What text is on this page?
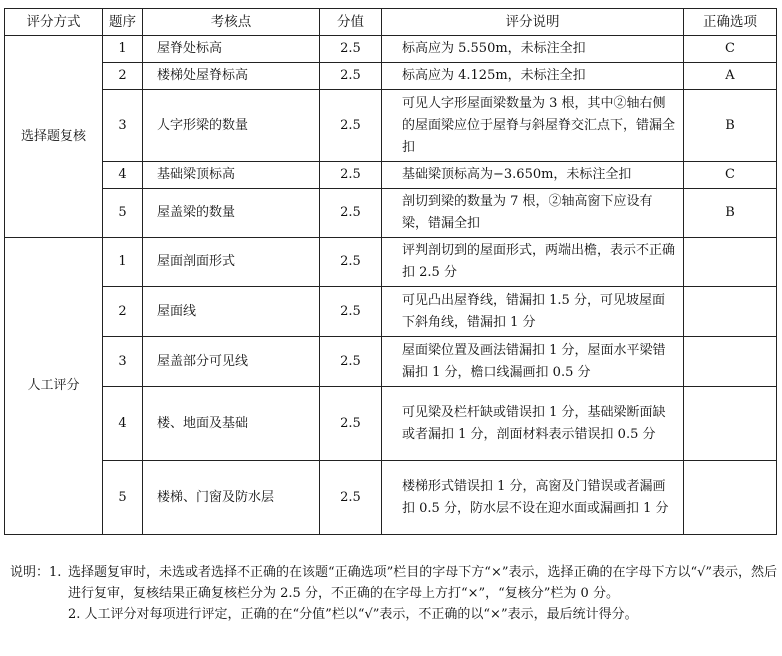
评分方式	题序	考核点	分值	评分说明	正确选项
选择题复核	1	屋脊处标高	2.5	标高应为 5.550m，未标注全扣	C
	2	楼梯处屋脊标高	2.5	标高应为 4.125m，未标注全扣	A
	3	人字形梁的数量	2.5	可见人字形屋面梁数量为 3 根，其中②轴右侧的屋面梁应位于屋脊与斜屋脊交汇点下，错漏全扣	B
	4	基础梁顶标高	2.5	基础梁顶标高为−3.650m，未标注全扣	C
	5	屋盖梁的数量	2.5	剖切到梁的数量为 7 根，②轴高窗下应设有梁，错漏全扣	B
人工评分	1	屋面剖面形式	2.5	评判剖切到的屋面形式，两端出檐，表示不正确扣 2.5 分	
	2	屋面线	2.5	可见凸出屋脊线，错漏扣 1.5 分，可见坡屋面下斜角线，错漏扣 1 分	
	3	屋盖部分可见线	2.5	屋面梁位置及画法错漏扣 1 分，屋面水平梁错漏扣 1 分，檐口线漏画扣 0.5 分	
	4	楼、地面及基础	2.5	可见梁及栏杆缺或错误扣 1 分，基础梁断面缺或者漏扣 1 分，剖面材料表示错误扣 0.5 分	
	5	楼梯、门窗及防水层	2.5	楼梯形式错误扣 1 分，高窗及门错误或者漏画扣 0.5 分，防水层不设在迎水面或漏画扣 1 分	
说明：1. 选择题复审时，未选或者选择不正确的在该题“正确选项”栏目的字母下方“×”表示，选择正确的在字母下方以“√”表示，然后进行复审，复核结果正确复核栏分为 2.5 分，不正确的在字母上方打“×”，“复核分”栏为 0 分。
2. 人工评分对每项进行评定，正确的在“分值”栏以“√”表示，不正确的以“×”表示，最后统计得分。
